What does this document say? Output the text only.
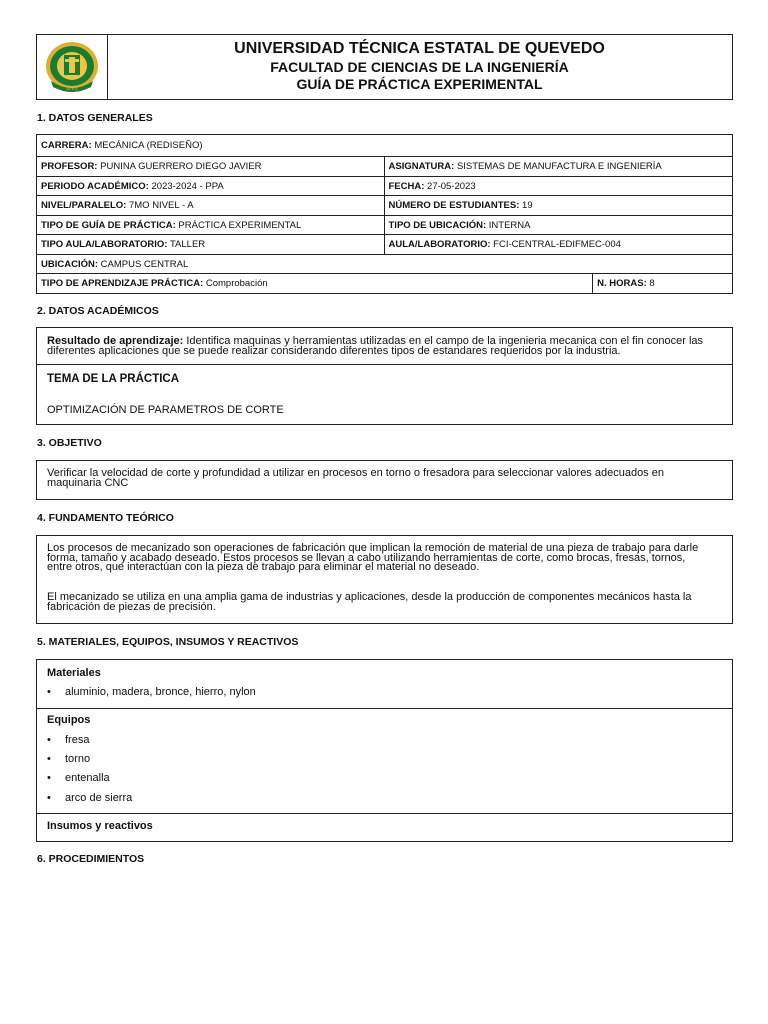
UTEQ
UNIVERSIDAD TÉCNICA ESTATAL DE QUEVEDO
FACULTAD DE CIENCIAS DE LA INGENIERÍA
GUÍA DE PRÁCTICA EXPERIMENTAL
1. DATOS GENERALES
CARRERA: MECÁNICA (REDISEÑO)		
PROFESOR: PUNINA GUERRERO DIEGO JAVIER	ASIGNATURA: SISTEMAS DE MANUFACTURA E INGENIERÍA	
PERIODO ACADÉMICO: 2023-2024 - PPA	FECHA: 27-05-2023	
NIVEL/PARALELO: 7MO NIVEL - A	NÚMERO DE ESTUDIANTES: 19	
TIPO DE GUÍA DE PRÁCTICA: PRÁCTICA EXPERIMENTAL	TIPO DE UBICACIÓN: INTERNA	
TIPO AULA/LABORATORIO: TALLER	AULA/LABORATORIO: FCI-CENTRAL-EDIFMEC-004	
UBICACIÓN: CAMPUS CENTRAL		
TIPO DE APRENDIZAJE PRÁCTICA: Comprobación		N. HORAS: 8
2. DATOS ACADÉMICOS
Resultado de aprendizaje: Identifica maquinas y herramientas utilizadas en el campo de la ingenieria mecanica con el fin conocer las diferentes aplicaciones que se puede realizar considerando diferentes tipos de estandares requeridos por la industria.
TEMA DE LA PRÁCTICA
OPTIMIZACIÓN DE PARAMETROS DE CORTE
3. OBJETIVO
Verificar la velocidad de corte y profundidad a utilizar en procesos en torno o fresadora para seleccionar valores adecuados en maquinaria CNC
4. FUNDAMENTO TEÓRICO
Los procesos de mecanizado son operaciones de fabricación que implican la remoción de material de una pieza de trabajo para darle forma, tamaño y acabado deseado. Estos procesos se llevan a cabo utilizando herramientas de corte, como brocas, fresas, tornos, entre otros, que interactúan con la pieza de trabajo para eliminar el material no deseado.
El mecanizado se utiliza en una amplia gama de industrias y aplicaciones, desde la producción de componentes mecánicos hasta la fabricación de piezas de precisión.
5. MATERIALES, EQUIPOS, INSUMOS Y REACTIVOS
Materiales
• aluminio, madera, bronce, hierro, nylon
Equipos
• fresa
• torno
• entenalla
• arco de sierra
Insumos y reactivos
6. PROCEDIMIENTOS
